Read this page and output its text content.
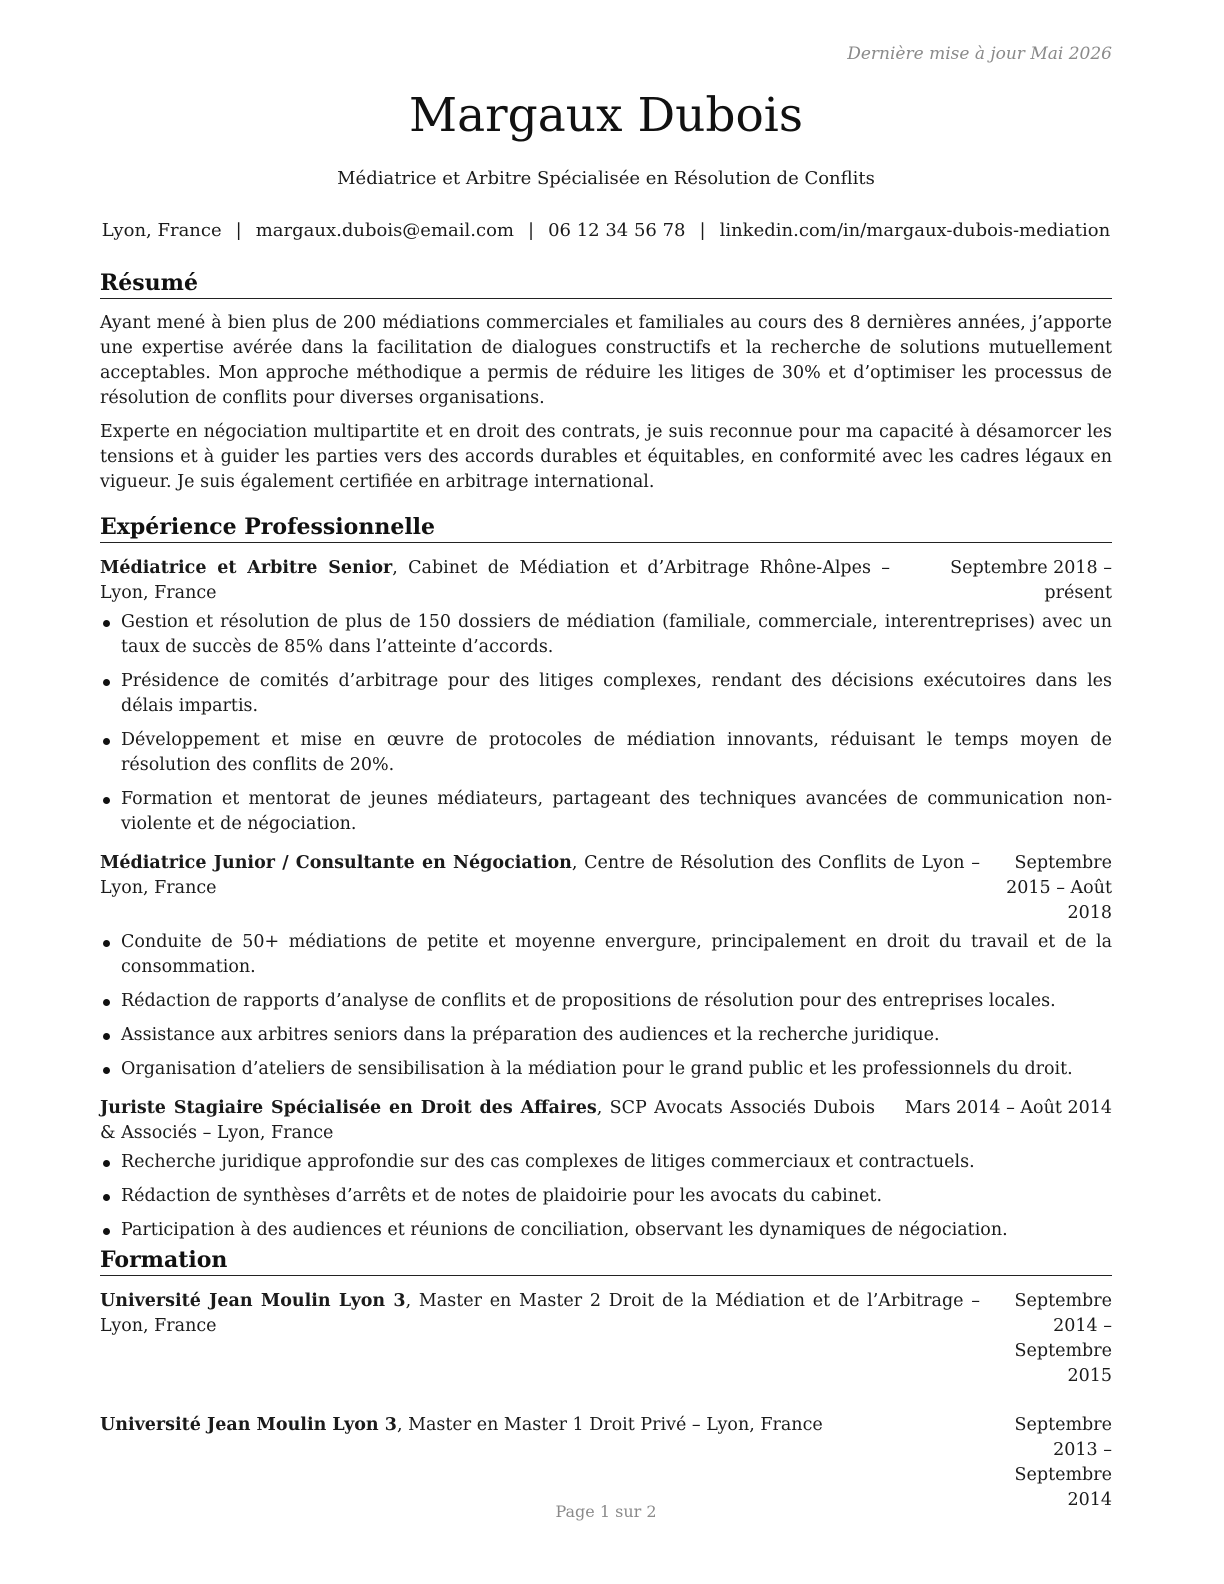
Dernière mise à jour Mai 2026
Margaux Dubois
Médiatrice et Arbitre Spécialisée en Résolution de Conflits
Lyon, France | margaux.dubois@email.com | 06 12 34 56 78 | linkedin.com/in/margaux-dubois-mediation
Résumé

Ayant mené à bien plus de 200 médiations commerciales et familiales au cours des 8 dernières années, j’apporte une expertise avérée dans la facilitation de dialogues constructifs et la recherche de solutions mutuellement acceptables. Mon approche méthodique a permis de réduire les litiges de 30% et d’optimiser les processus de résolution de conflits pour diverses organisations.

Experte en négociation multipartite et en droit des contrats, je suis reconnue pour ma capacité à désamorcer les tensions et à guider les parties vers des accords durables et équitables, en conformité avec les cadres légaux en vigueur. Je suis également certifiée en arbitrage international.

Expérience Professionnelle
Médiatrice et Arbitre Senior, Cabinet de Médiation et d’Arbitrage Rhône-Alpes – Lyon, France
Septembre 2018 – présent
Gestion et résolution de plus de 150 dossiers de médiation (familiale, commerciale, interentreprises) avec un taux de succès de 85% dans l’atteinte d’accords.
Présidence de comités d’arbitrage pour des litiges complexes, rendant des décisions exécutoires dans les délais impartis.
Développement et mise en œuvre de protocoles de médiation innovants, réduisant le temps moyen de résolution des conflits de 20%.
Formation et mentorat de jeunes médiateurs, partageant des techniques avancées de communication non-violente et de négociation.
Médiatrice Junior / Consultante en Négociation, Centre de Résolution des Conflits de Lyon – Lyon, France
Septembre 2015 – Août 2018
Conduite de 50+ médiations de petite et moyenne envergure, principalement en droit du travail et de la consommation.
Rédaction de rapports d’analyse de conflits et de propositions de résolution pour des entreprises locales.
Assistance aux arbitres seniors dans la préparation des audiences et la recherche juridique.
Organisation d’ateliers de sensibilisation à la médiation pour le grand public et les professionnels du droit.
Juriste Stagiaire Spécialisée en Droit des Affaires, SCP Avocats Associés Dubois & Associés – Lyon, France
Mars 2014 – Août 2014
Recherche juridique approfondie sur des cas complexes de litiges commerciaux et contractuels.
Rédaction de synthèses d’arrêts et de notes de plaidoirie pour les avocats du cabinet.
Participation à des audiences et réunions de conciliation, observant les dynamiques de négociation.
Formation
Université Jean Moulin Lyon 3, Master en Master 2 Droit de la Médiation et de l’Arbitrage – Lyon, France
Septembre 2014 – Septembre 2015
Université Jean Moulin Lyon 3, Master en Master 1 Droit Privé – Lyon, France	Septembre 2013 – Septembre 2014
Page 1 sur 2
